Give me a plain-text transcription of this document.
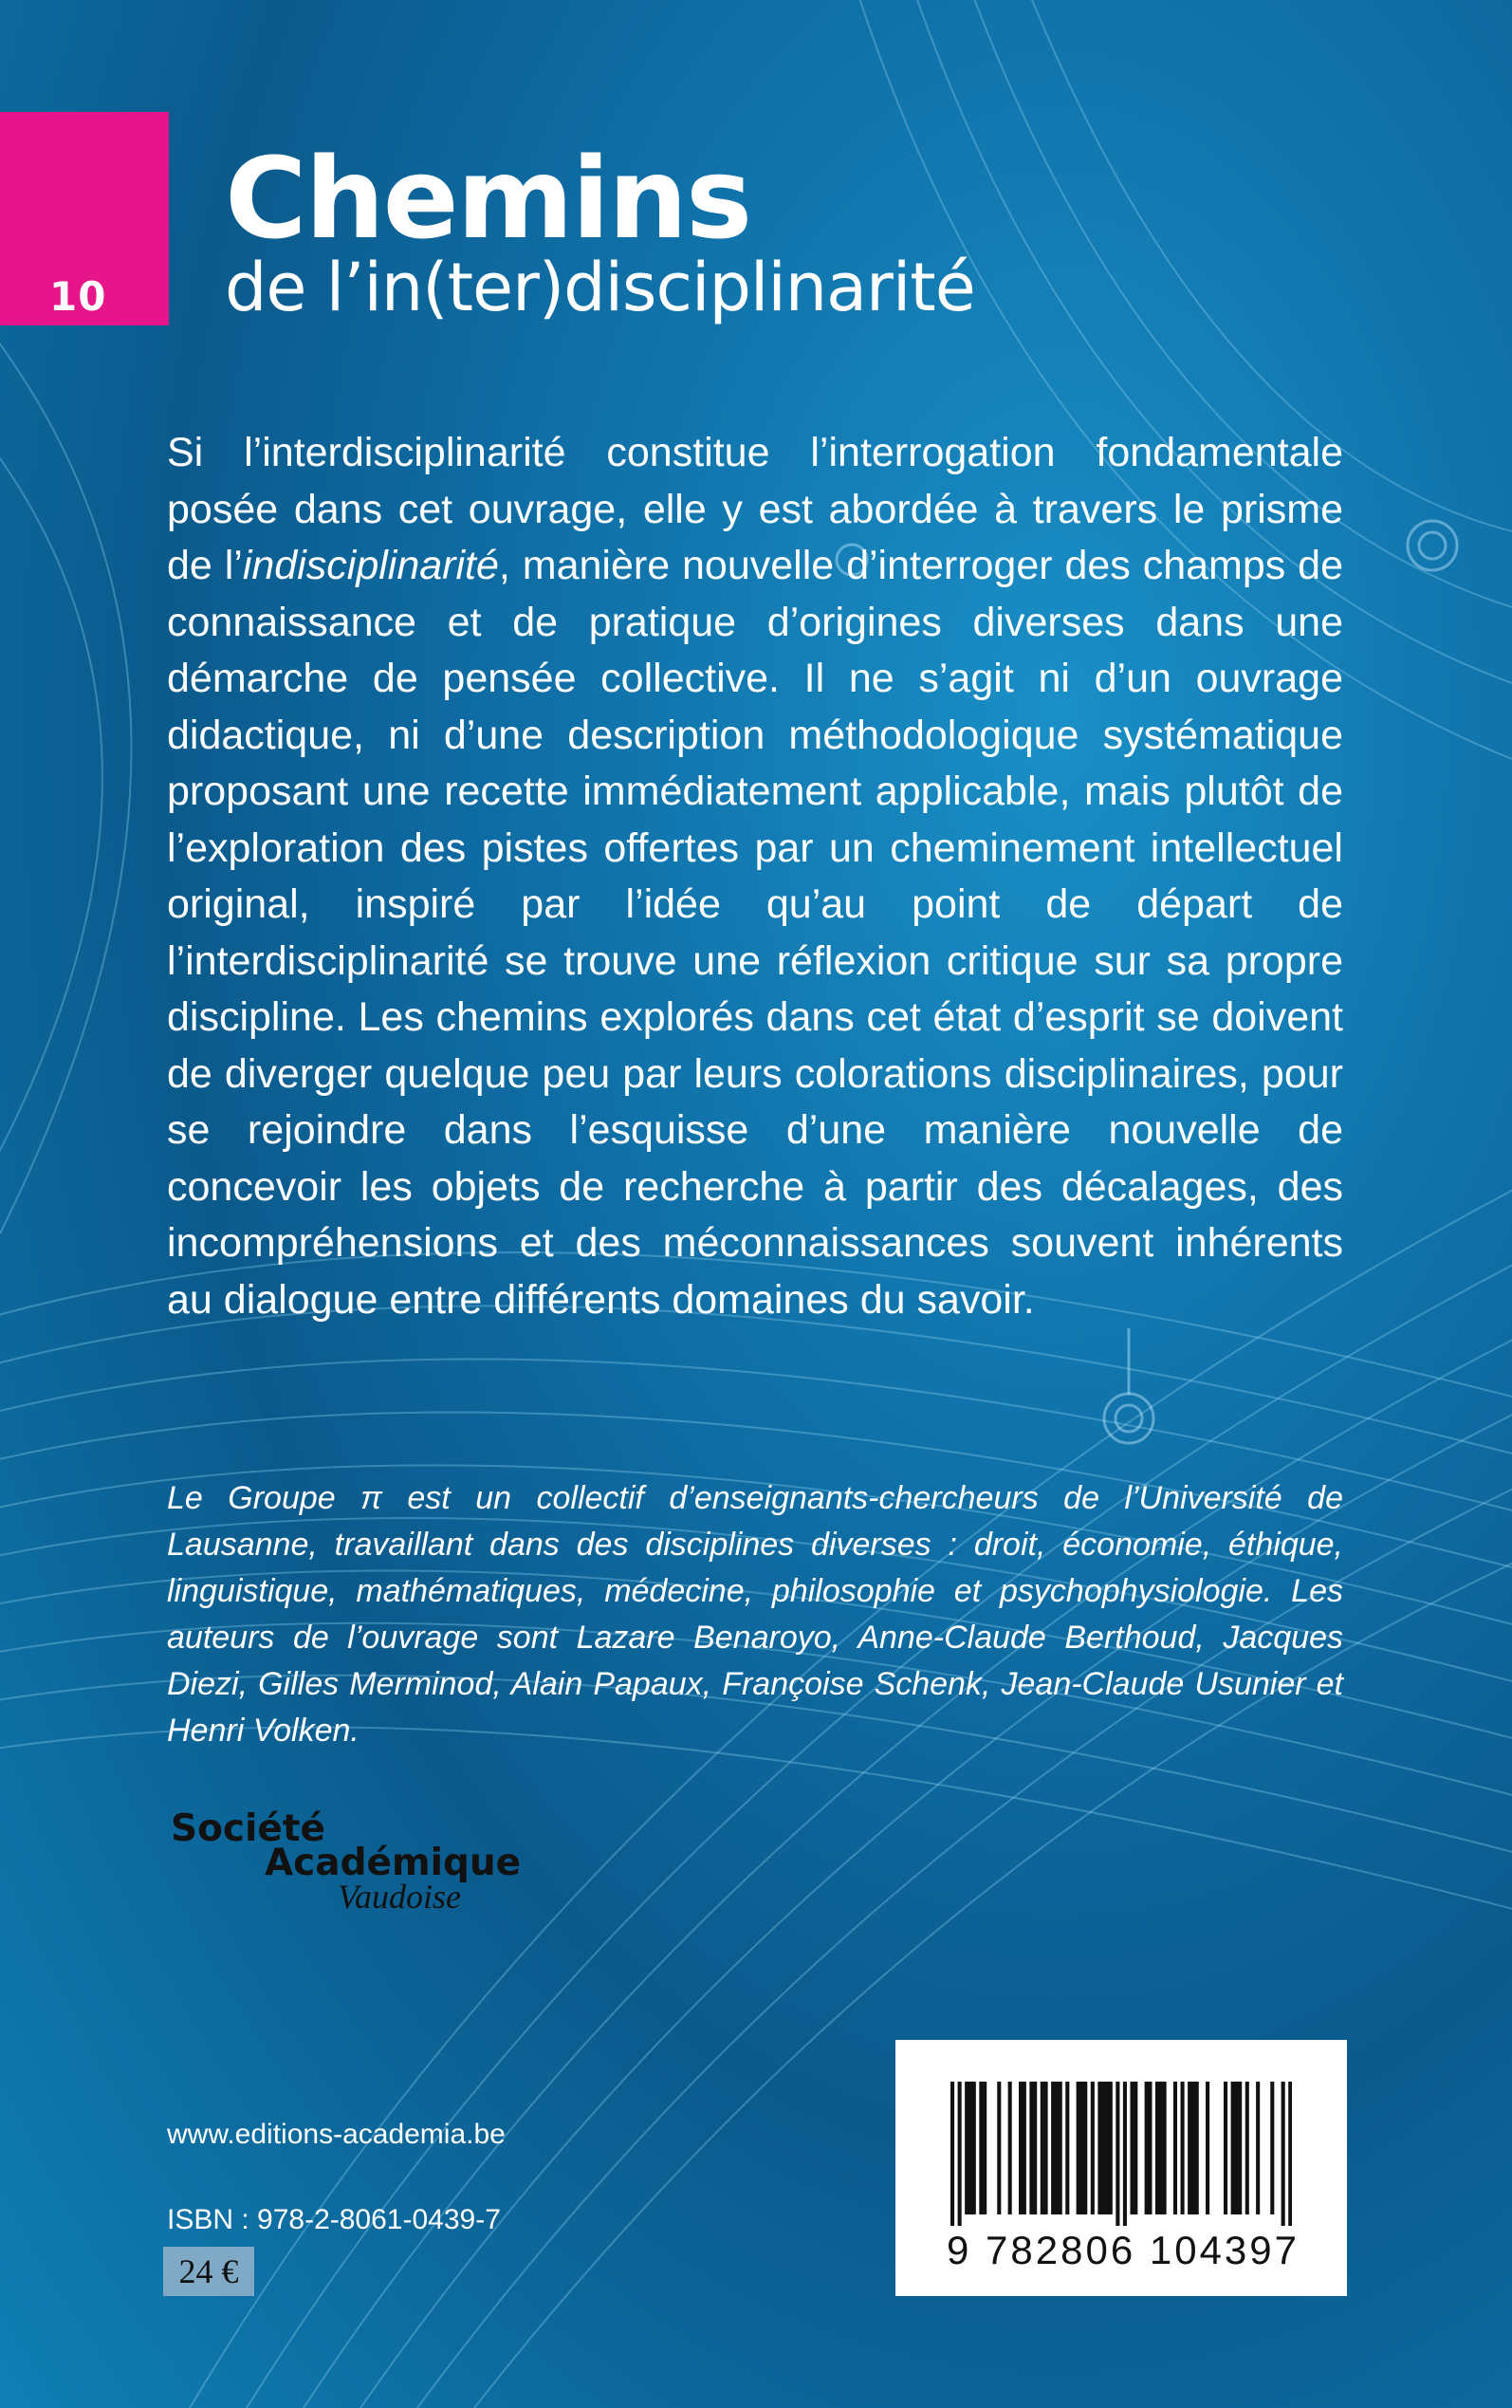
10
Chemins
de l’in(ter)disciplinarité

Si l’interdisciplinarité constitue l’interrogation fondamentale posée dans cet ouvrage, elle y est abordée à travers le prisme de l’indisciplinarité, manière nouvelle d’interroger des champs de connaissance et de pratique d’origines diverses dans une démarche de pensée collective. Il ne s’agit ni d’un ouvrage didactique, ni d’une description méthodologique systématique proposant une recette immédiatement applicable, mais plutôt de l’exploration des pistes offertes par un cheminement intellectuel original, inspiré par l’idée qu’au point de départ de l’interdisciplinarité se trouve une réflexion critique sur sa propre discipline. Les chemins explorés dans cet état d’esprit se doivent de diverger quelque peu par leurs colorations disciplinaires, pour se rejoindre dans l’esquisse d’une manière nouvelle de concevoir les objets de recherche à partir des décalages, des incompréhensions et des méconnaissances souvent inhérents au dialogue entre différents domaines du savoir.

Le Groupe π est un collectif d’enseignants-chercheurs de l’Université de Lausanne, travaillant dans des disciplines diverses : droit, économie, éthique, linguistique, mathématiques, médecine, philosophie et psychophysiologie. Les auteurs de l’ouvrage sont Lazare Benaroyo, Anne-Claude Berthoud, Jacques Diezi, Gilles Merminod, Alain Papaux, Françoise Schenk, Jean-Claude Usunier et Henri Volken.

Société
Académique
Vaudoise
www.editions-academia.be
ISBN : 978-2-8061-0439-7
24 €	9 782806 104397
